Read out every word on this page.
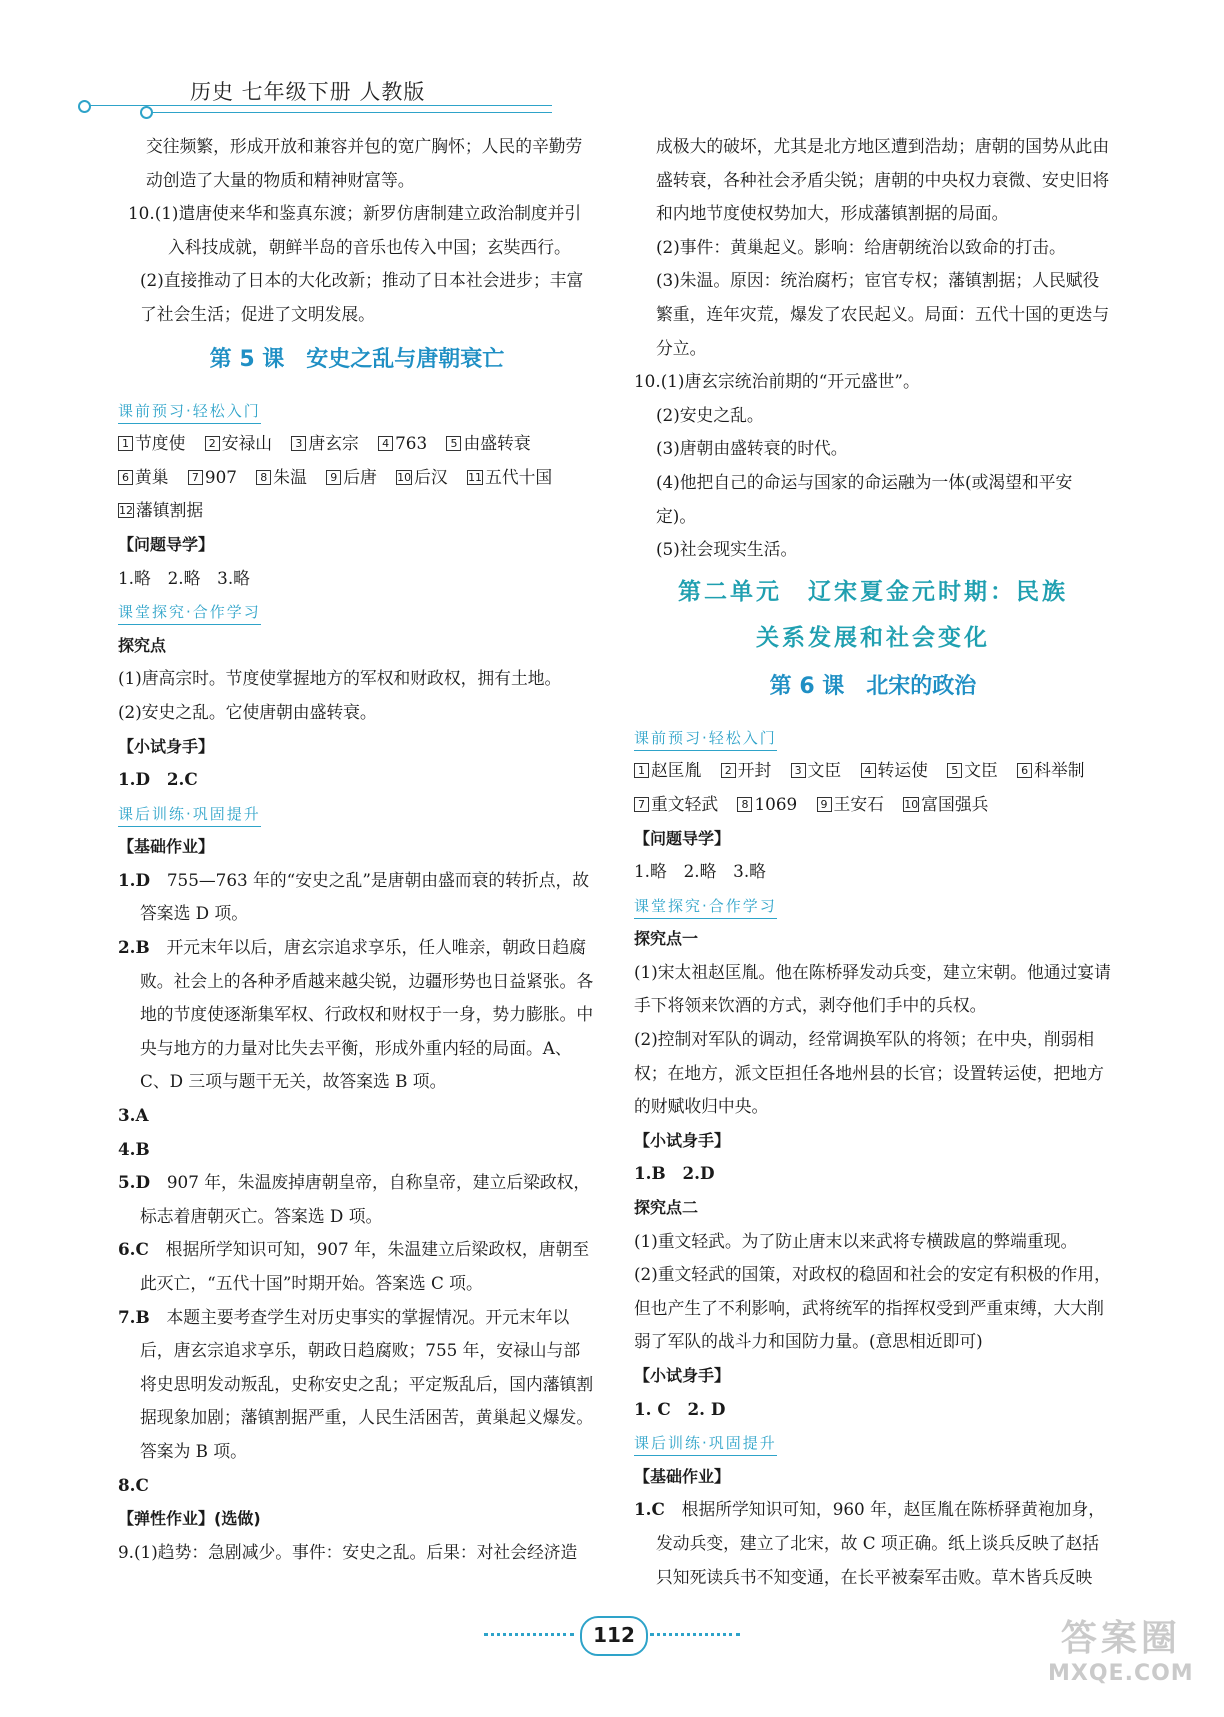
历史 七年级下册 人教版

交往频繁，形成开放和兼容并包的宽广胸怀；人民的辛勤劳动创造了大量的物质和精神财富等。

10.(1)遣唐使来华和鉴真东渡；新罗仿唐制建立政治制度并引入科技成就，朝鲜半岛的音乐也传入中国；玄奘西行。

(2)直接推动了日本的大化改新；推动了日本社会进步；丰富了社会生活；促进了文明发展。

第 5 课　安史之乱与唐朝衰亡
课前预习·轻松入门

1 节度使 2 安禄山 3 唐玄宗 4 763 5 由盛转衰 6 黄巢 7 907 8 朱温 9 后唐 10 后汉 11 五代十国 12 藩镇割据

【问题导学】

1.略　2.略　3.略

课堂探究·合作学习

探究点

(1)唐高宗时。节度使掌握地方的军权和财政权，拥有土地。

(2)安史之乱。它使唐朝由盛转衰。

【小试身手】

1.D　2.C

课后训练·巩固提升

【基础作业】

1.D　 755—763 年的“安史之乱”是唐朝由盛而衰的转折点，故答案选 D 项。

2.B　 开元末年以后，唐玄宗追求享乐，任人唯亲，朝政日趋腐败。社会上的各种矛盾越来越尖锐，边疆形势也日益紧张。各地的节度使逐渐集军权、行政权和财权于一身，势力膨胀。中央与地方的力量对比失去平衡，形成外重内轻的局面。A、C、D 三项与题干无关，故答案选 B 项。

3.A

4.B

5.D　 907 年，朱温废掉唐朝皇帝，自称皇帝，建立后梁政权，标志着唐朝灭亡。答案选 D 项。

6.C　 根据所学知识可知，907 年，朱温建立后梁政权，唐朝至此灭亡，“五代十国”时期开始。答案选 C 项。

7.B　 本题主要考查学生对历史事实的掌握情况。开元末年以后，唐玄宗追求享乐，朝政日趋腐败；755 年，安禄山与部将史思明发动叛乱，史称安史之乱；平定叛乱后，国内藩镇割据现象加剧；藩镇割据严重，人民生活困苦，黄巢起义爆发。答案为 B 项。

8.C

【弹性作业】(选做)

9.(1)趋势：急剧减少。事件：安史之乱。后果：对社会经济造

成极大的破坏，尤其是北方地区遭到浩劫；唐朝的国势从此由盛转衰，各种社会矛盾尖锐；唐朝的中央权力衰微、安史旧将和内地节度使权势加大，形成藩镇割据的局面。

(2)事件：黄巢起义。影响：给唐朝统治以致命的打击。

(3)朱温。原因：统治腐朽；宦官专权；藩镇割据；人民赋役繁重，连年灾荒，爆发了农民起义。局面：五代十国的更迭与分立。

10.(1)唐玄宗统治前期的“开元盛世”。

(2)安史之乱。

(3)唐朝由盛转衰的时代。

(4)他把自己的命运与国家的命运融为一体(或渴望和平安定)。

(5)社会现实生活。

第二单元　辽宋夏金元时期：民族
关系发展和社会变化
第 6 课　北宋的政治
课前预习·轻松入门

1 赵匡胤 2 开封 3 文臣 4 转运使 5 文臣 6 科举制 7 重文轻武 8 1069 9 王安石 10 富国强兵

【问题导学】

1.略　2.略　3.略

课堂探究·合作学习

探究点一

(1)宋太祖赵匡胤。他在陈桥驿发动兵变，建立宋朝。他通过宴请手下将领来饮酒的方式，剥夺他们手中的兵权。

(2)控制对军队的调动，经常调换军队的将领；在中央，削弱相权；在地方，派文臣担任各地州县的长官；设置转运使，把地方的财赋收归中央。

【小试身手】

1.B　2.D

探究点二

(1)重文轻武。为了防止唐末以来武将专横跋扈的弊端重现。

(2)重文轻武的国策，对政权的稳固和社会的安定有积极的作用，但也产生了不利影响，武将统军的指挥权受到严重束缚，大大削弱了军队的战斗力和国防力量。(意思相近即可)

【小试身手】

1. C　2. D

课后训练·巩固提升

【基础作业】

1.C　 根据所学知识可知，960 年，赵匡胤在陈桥驿黄袍加身，发动兵变，建立了北宋，故 C 项正确。纸上谈兵反映了赵括只知死读兵书不知变通，在长平被秦军击败。草木皆兵反映

112	答案圈
MXQE.COM
